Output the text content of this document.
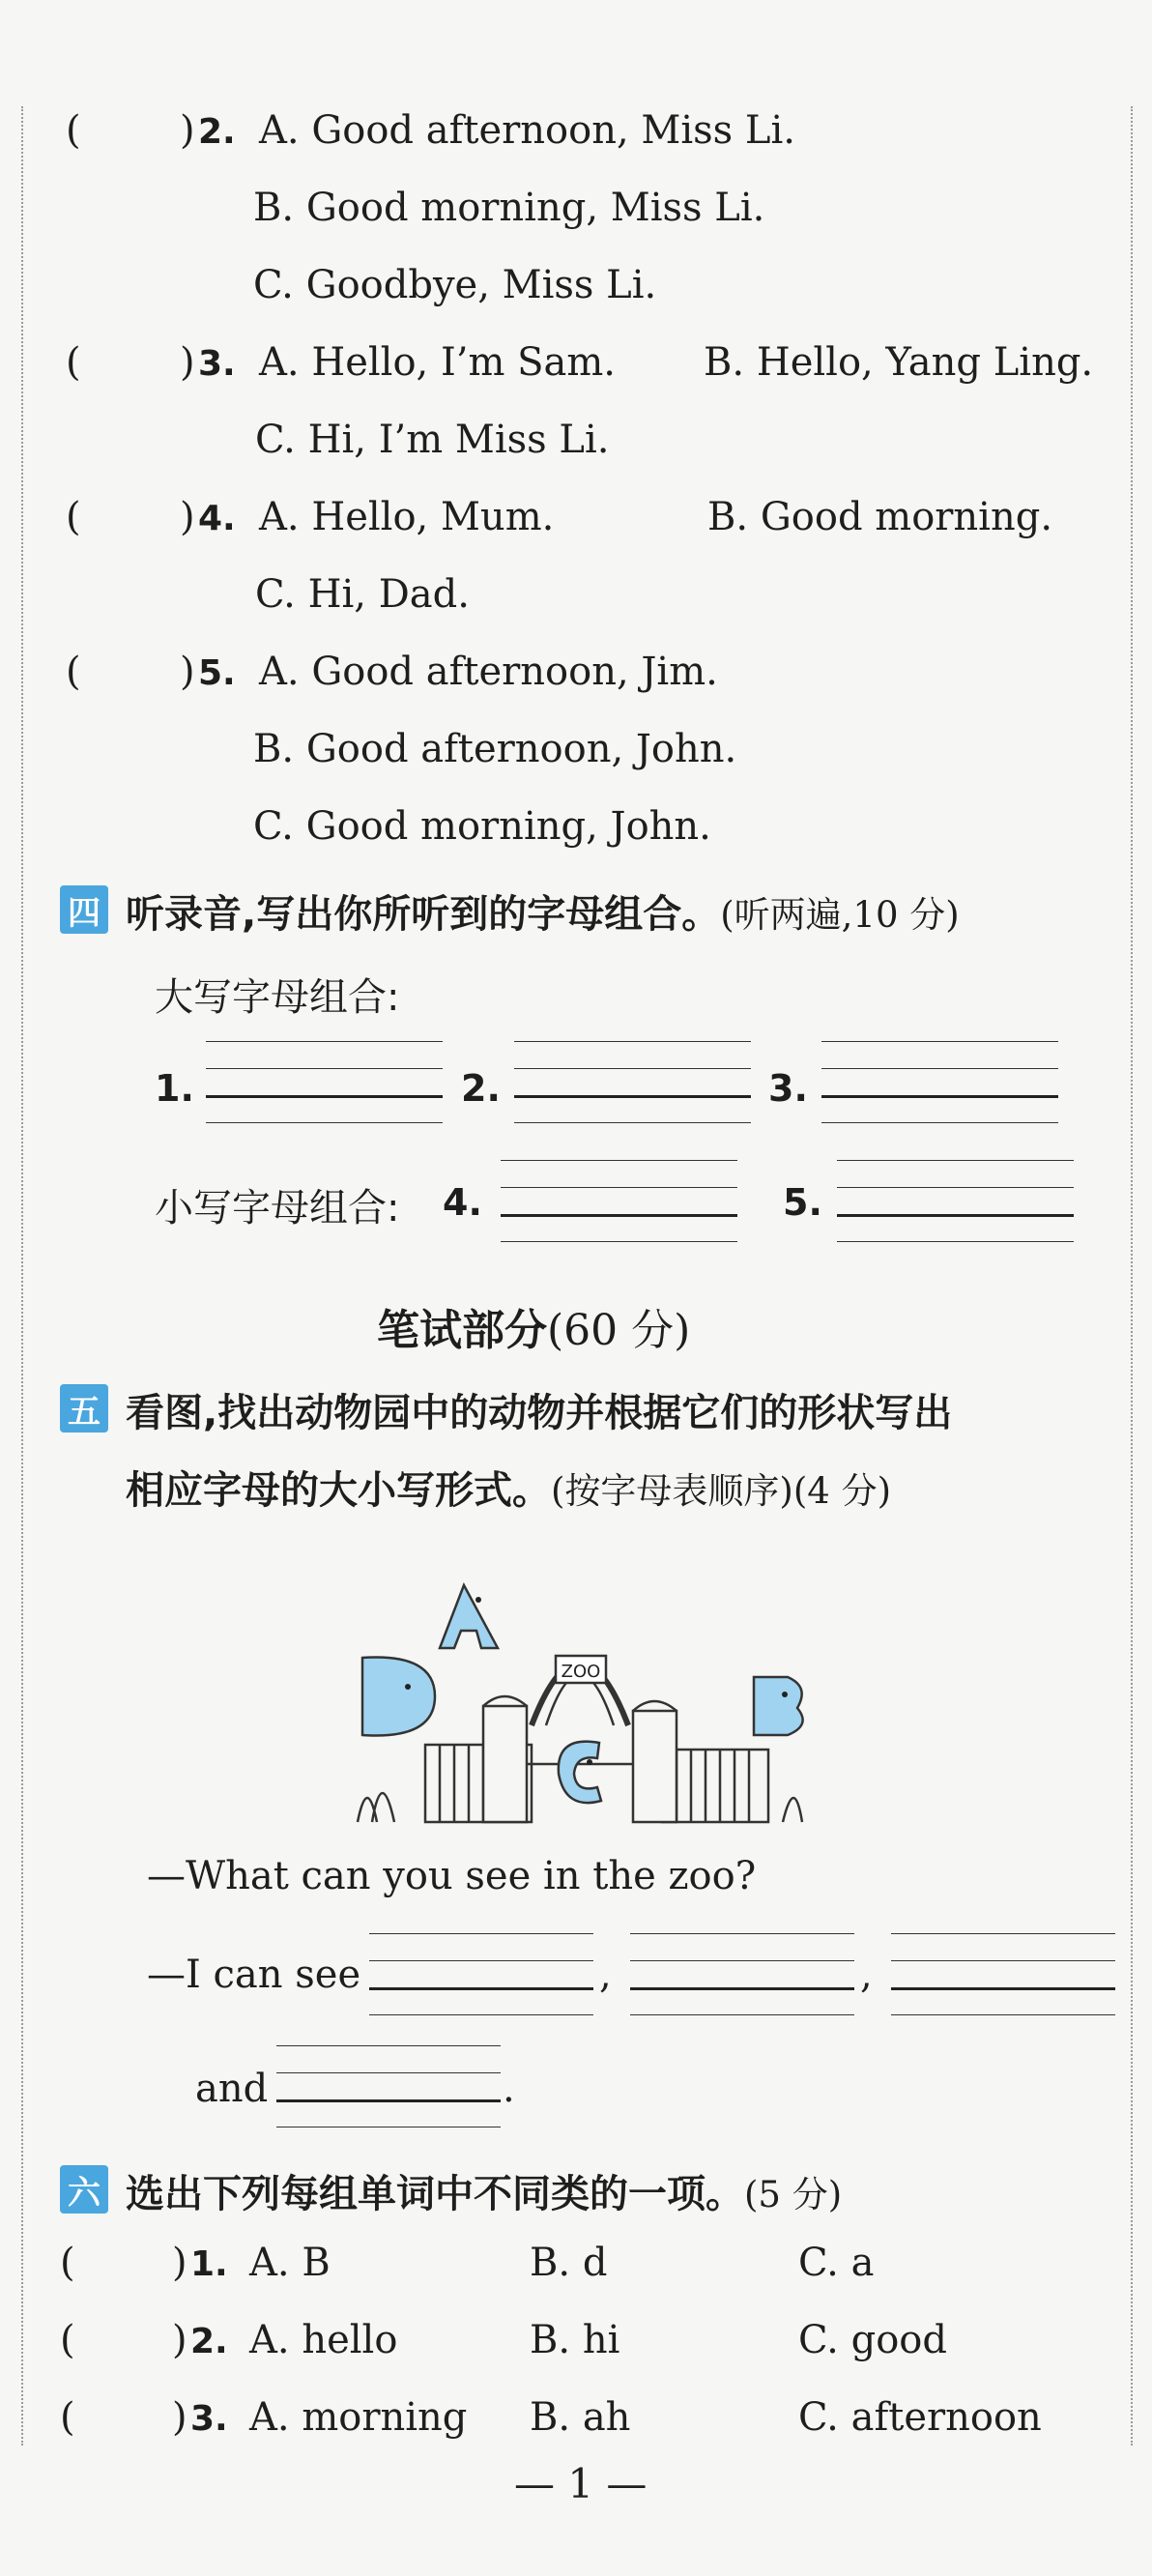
(	) 2. A. Good afternoon, Miss Li.
B. Good morning, Miss Li.
C. Goodbye, Miss Li.
(	) 3. A. Hello, I’m Sam. B. Hello, Yang Ling.
C. Hi, I’m Miss Li.
(	) 4. A. Hello, Mum.	B. Good morning.
C. Hi, Dad.
(	) 5. A. Good afternoon, Jim.
B. Good afternoon, John.
C. Good morning, John.
四 听录音,写出你所听到的字母组合。(听两遍,10 分)
大写字母组合:
1.	2.	3.
小写字母组合: 4.	5.
笔试部分(60 分)
五 看图,找出动物园中的动物并根据它们的形状写出
相应字母的大小写形式。(按字母表顺序)(4 分)
ZOO
—What can you see in the zoo?
—I can see	,	,
and	.
六 选出下列每组单词中不同类的一项。(5 分)
(	) 1. A. B	B. d	C. a
(	) 2. A. hello	B. hi	C. good
(	) 3. A. morning B. ah	C. afternoon
— 1 —
